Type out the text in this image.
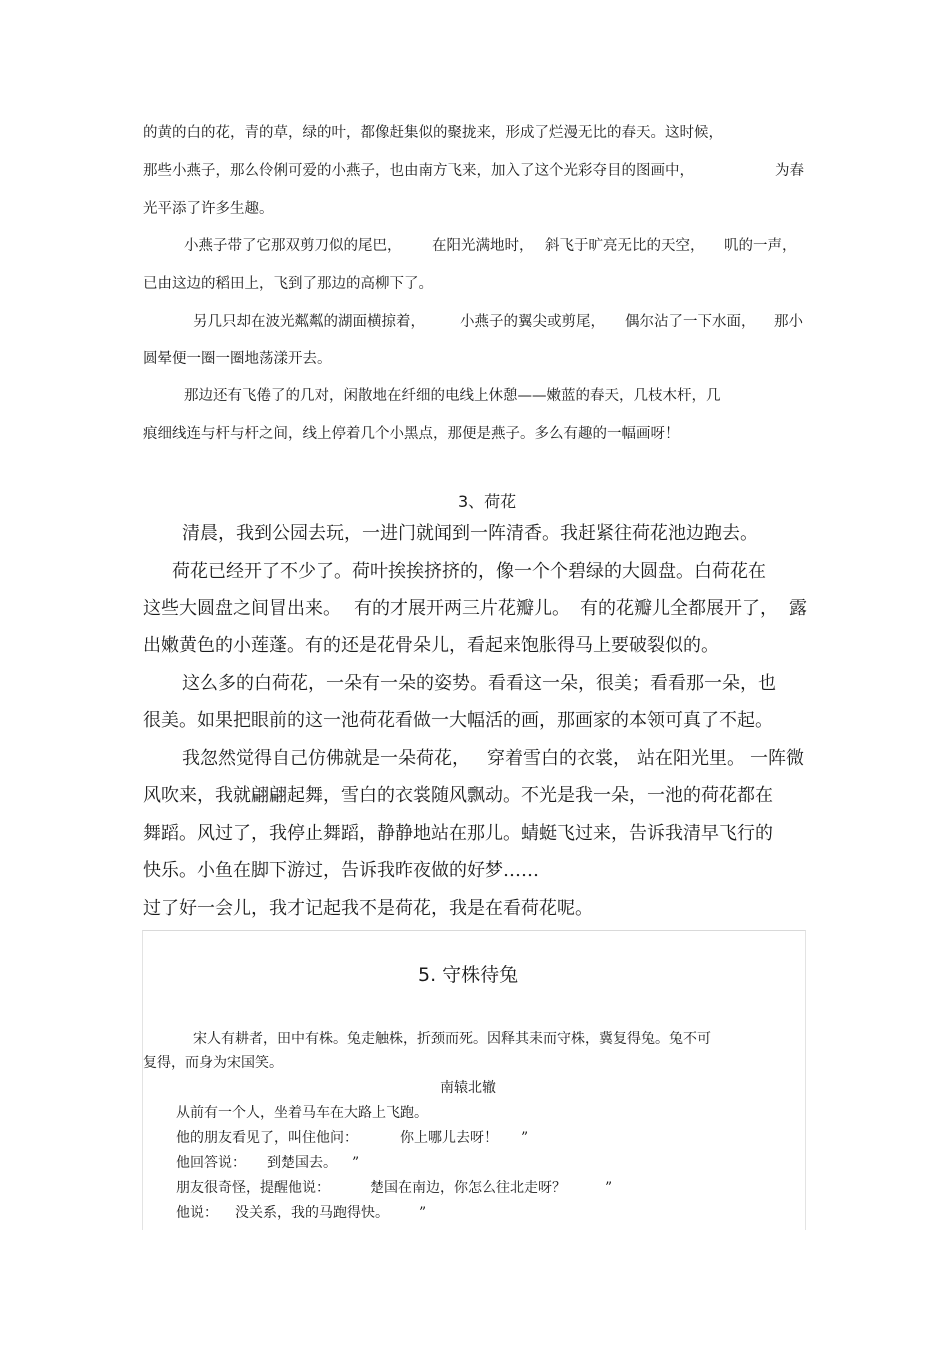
的黄的白的花，青的草，绿的叶，都像赶集似的聚拢来，形成了烂漫无比的春天。这时候，
那些小燕子，那么伶俐可爱的小燕子，也由南方飞来，加入了这个光彩夺目的图画中，	为春
光平添了许多生趣。
小燕子带了它那双剪刀似的尾巴， 在阳光满地时， 斜飞于旷亮无比的天空， 叽的一声，
已由这边的稻田上，飞到了那边的高柳下了。
另几只却在波光粼粼的湖面横掠着， 小燕子的翼尖或剪尾， 偶尔沾了一下水面， 那小
圆晕便一圈一圈地荡漾开去。
那边还有飞倦了的几对，闲散地在纤细的电线上休憩——嫩蓝的春天，几枝木杆，几
痕细线连与杆与杆之间，线上停着几个小黑点，那便是燕子。多么有趣的一幅画呀！
3、荷花
清晨，我到公园去玩，一进门就闻到一阵清香。我赶紧往荷花池边跑去。
荷花已经开了不少了。荷叶挨挨挤挤的，像一个个碧绿的大圆盘。白荷花在
这些大圆盘之间冒出来。 有的才展开两三片花瓣儿。 有的花瓣儿全都展开了， 露
出嫩黄色的小莲蓬。有的还是花骨朵儿，看起来饱胀得马上要破裂似的。
这么多的白荷花，一朵有一朵的姿势。看看这一朵，很美；看看那一朵，也
很美。如果把眼前的这一池荷花看做一大幅活的画，那画家的本领可真了不起。
我忽然觉得自己仿佛就是一朵荷花， 穿着雪白的衣裳， 站在阳光里。 一阵微
风吹来，我就翩翩起舞，雪白的衣裳随风飘动。不光是我一朵，一池的荷花都在
舞蹈。风过了，我停止舞蹈，静静地站在那儿。蜻蜓飞过来，告诉我清早飞行的
快乐。小鱼在脚下游过，告诉我昨夜做的好梦……
过了好一会儿，我才记起我不是荷花，我是在看荷花呢。
5. 守株待兔
宋人有耕者，田中有株。兔走触株，折颈而死。因释其耒而守株，冀复得兔。兔不可
复得，而身为宋国笑。
南辕北辙
从前有一个人，坐着马车在大路上飞跑。
他的朋友看见了，叫住他问：	你上哪儿去呀！ ”
他回答说： 到楚国去。 ”
朋友很奇怪，提醒他说：	楚国在南边，你怎么往北走呀？	”
他说： 没关系，我的马跑得快。 ”
